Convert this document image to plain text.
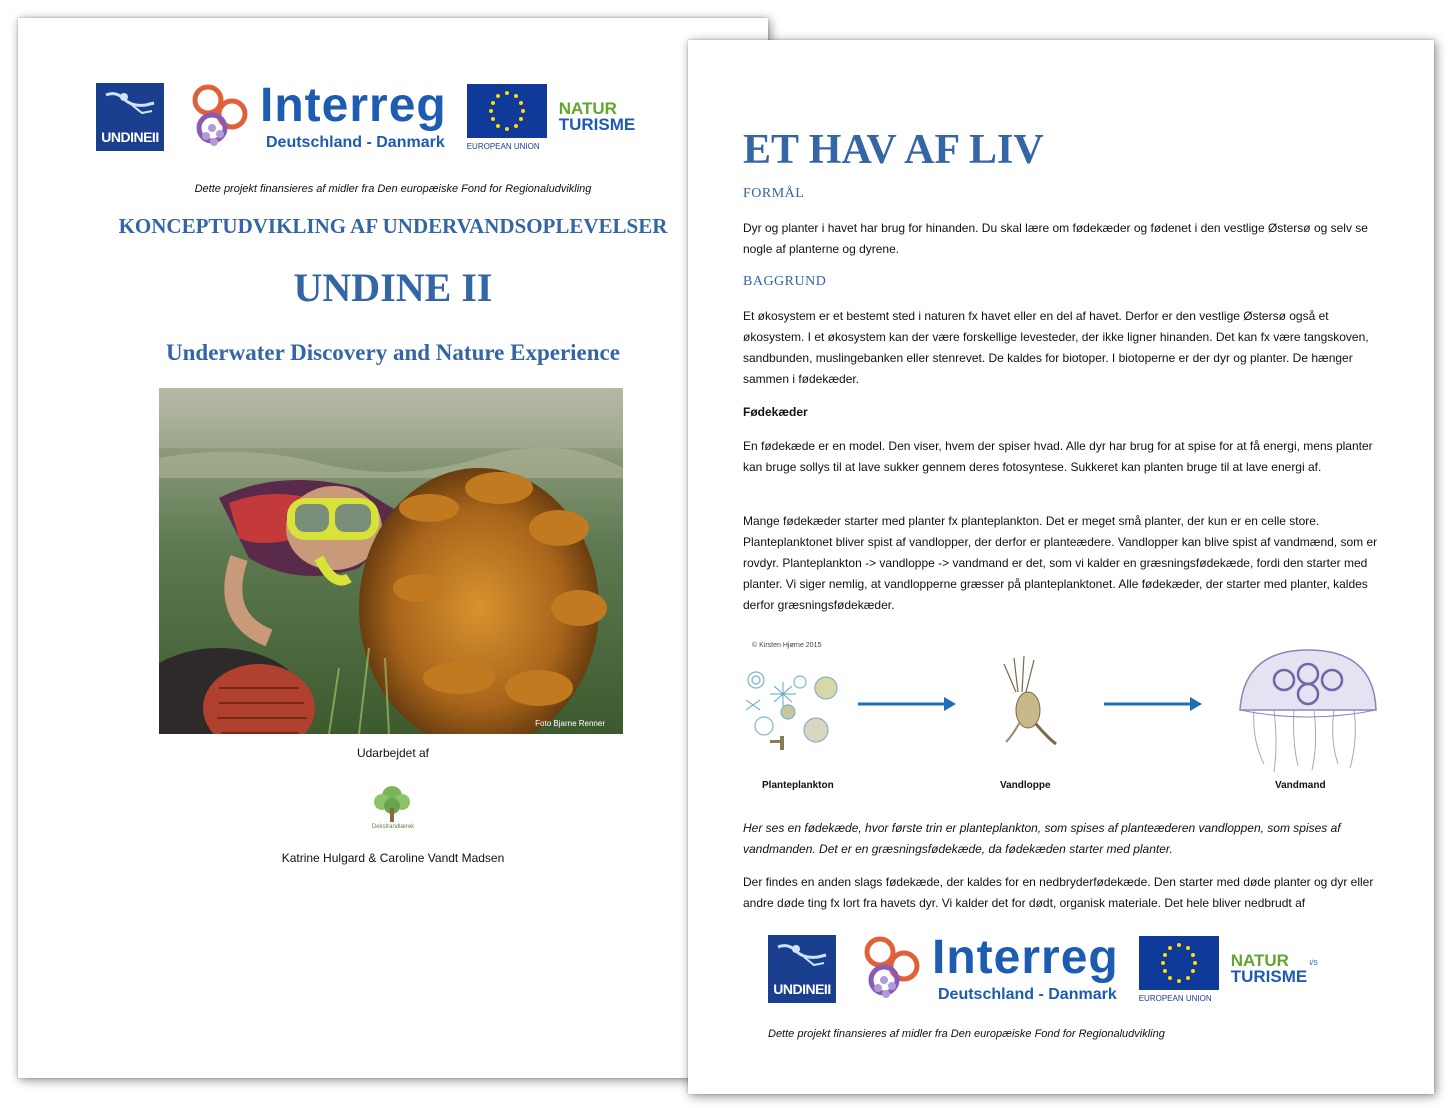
UNDINEII
Interreg
Deutschland - Danmark	EUROPEAN UNION
NATUR
TURISME
Dette projekt finansieres af midler fra Den europæiske Fond for Regionaludvikling
KONCEPTUDVIKLING AF UNDERVANDSOPLEVELSER
UNDINE II
Underwater Discovery and Nature Experience
Foto Bjarne Renner
Udarbejdet af
Dekstrandlærek
Katrine Hulgard & Caroline Vandt Madsen
ET HAV AF LIV
FORMÅL
Dyr og planter i havet har brug for hinanden. Du skal lære om fødekæder og fødenet i den vestlige Østersø og selv se nogle af planterne og dyrene.
BAGGRUND
Et økosystem er et bestemt sted i naturen fx havet eller en del af havet. Derfor er den vestlige Østersø også et økosystem. I et økosystem kan der være forskellige levesteder, der ikke ligner hinanden. Det kan fx være tangskoven, sandbunden, muslingebanken eller stenrevet. De kaldes for biotoper. I biotoperne er der dyr og planter. De hænger sammen i fødekæder.
Fødekæder
En fødekæde er en model. Den viser, hvem der spiser hvad. Alle dyr har brug for at spise for at få energi, mens planter kan bruge sollys til at lave sukker gennem deres fotosyntese. Sukkeret kan planten bruge til at lave energi af.
Mange fødekæder starter med planter fx planteplankton. Det er meget små planter, der kun er en celle store. Planteplanktonet bliver spist af vandlopper, der derfor er planteædere. Vandlopper kan blive spist af vandmænd, som er rovdyr. Planteplankton -> vandloppe -> vandmand er det, som vi kalder en græsningsfødekæde, fordi den starter med planter. Vi siger nemlig, at vandlopperne græsser på planteplanktonet. Alle fødekæder, der starter med planter, kaldes derfor græsningsfødekæder.
© Kirsten Hjørne 2015
Planteplankton	Vandloppe	Vandmand
Her ses en fødekæde, hvor første trin er planteplankton, som spises af planteæderen vandloppen, som spises af vandmanden. Det er en græsningsfødekæde, da fødekæden starter med planter.
Der findes en anden slags fødekæde, der kaldes for en nedbryderfødekæde. Den starter med døde planter og dyr eller andre døde ting fx lort fra havets dyr. Vi kalder det for dødt, organisk materiale. Det hele bliver nedbrudt af
UNDINEII
Interreg
Deutschland - Danmark	EUROPEAN UNION
NATUR
TURISME
I/S
Dette projekt finansieres af midler fra Den europæiske Fond for Regionaludvikling
